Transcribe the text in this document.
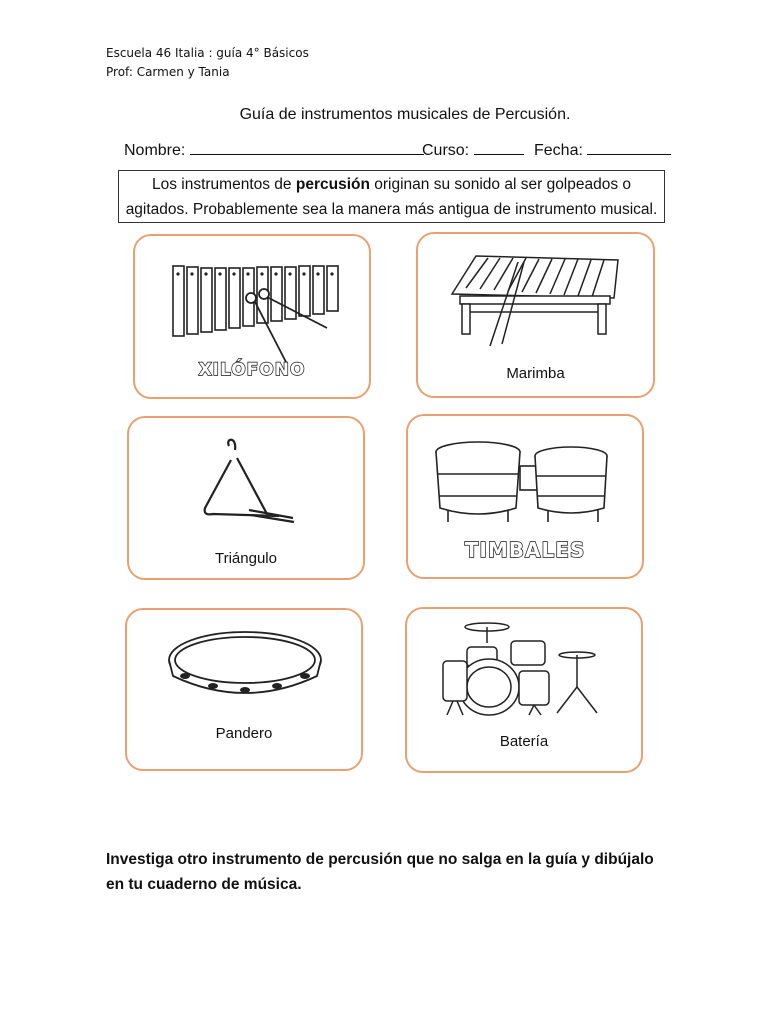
Escuela 46 Italia : guía 4° Básicos
Prof: Carmen y Tania
Guía de instrumentos musicales de Percusión.
Nombre:	Curso:	Fecha:
Los instrumentos de percusión originan su sonido al ser golpeados o
agitados. Probablemente sea la manera más antigua de instrumento musical.
XILÓFONO	Marimba
Triángulo	TIMBALES
Pandero	Batería
Investiga otro instrumento de percusión que no salga en la guía y dibújalo
en tu cuaderno de música.
